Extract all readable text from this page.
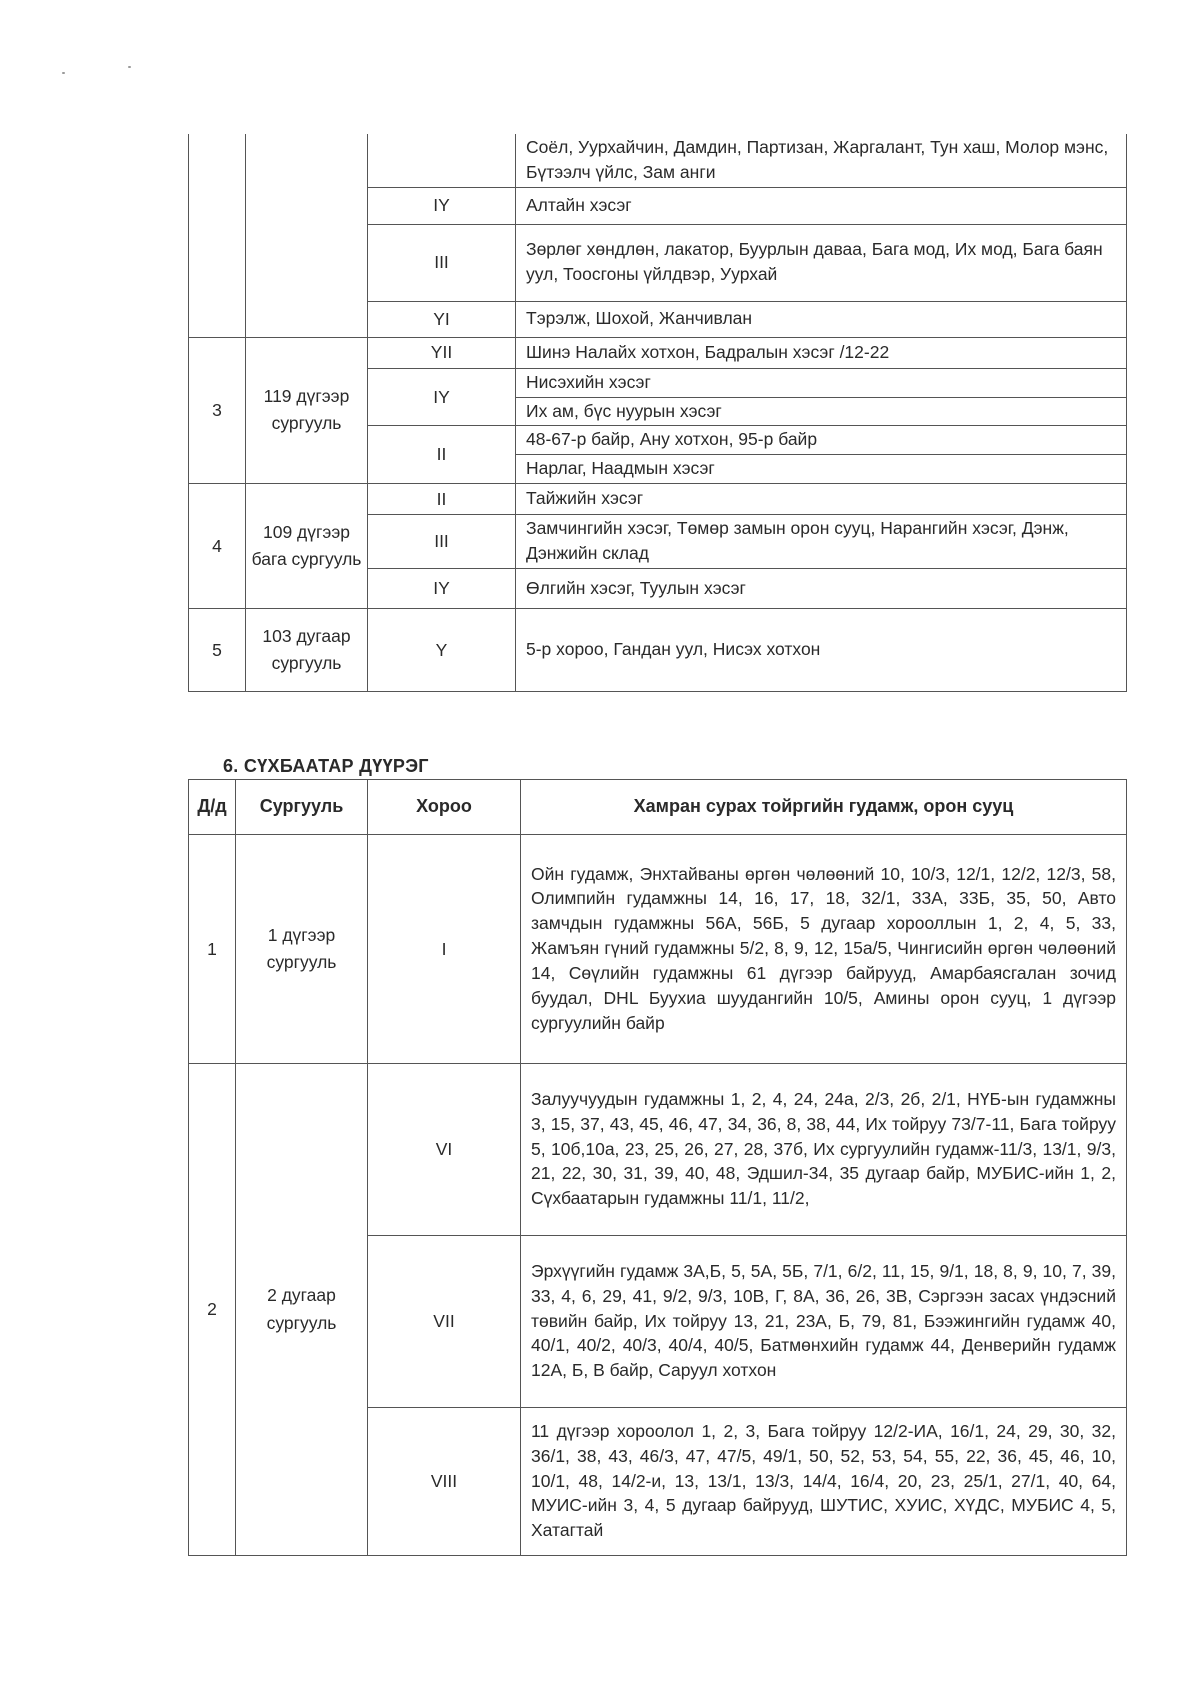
			Соёл, Уурхайчин, Дамдин, Партизан, Жаргалант, Тун хаш, Молор мэнс, Бүтээлч үйлс, Зам анги
		IY	Алтайн хэсэг
		III	Зөрлөг хөндлөн, лакатор, Буурлын даваа, Бага мод, Их мод, Бага баян уул, Тоосгоны үйлдвэр, Уурхай
		YI	Тэрэлж, Шохой, Жанчивлан
3	119 дүгээр сургууль	YII	Шинэ Налайх хотхон, Бадралын хэсэг /12-22
		IY	Нисэхийн хэсэг
			Их ам, бүс нуурын хэсэг
		II	48-67-р байр, Ану хотхон, 95-р байр
			Нарлаг, Наадмын хэсэг
4	109 дүгээр бага сургууль	II	Тайжийн хэсэг
		III	Замчингийн хэсэг, Төмөр замын орон сууц, Нарангийн хэсэг, Дэнж, Дэнжийн склад
		IY	Өлгийн хэсэг, Туулын хэсэг
5	103 дугаар сургууль	Y	5-р хороо, Гандан уул, Нисэх хотхон
6. СҮХБААТАР ДҮҮРЭГ
Д/д	Сургууль	Хороо	Хамран сурах тойргийн гудамж, орон сууц
1	1 дүгээр сургууль	I	Ойн гудамж, Энхтайваны өргөн чөлөөний 10, 10/3, 12/1, 12/2, 12/3, 58, Олимпийн гудамжны 14, 16, 17, 18, 32/1, 33А, 33Б, 35, 50, Авто замчдын гудамжны 56А, 56Б, 5 дугаар хорооллын 1, 2, 4, 5, 33, Жамъян гүний гудамжны 5/2, 8, 9, 12, 15а/5, Чингисийн өргөн чөлөөний 14, Сөүлийн гудамжны 61 дүгээр байрууд, Амарбаясгалан зочид буудал, DHL Буухиа шуудангийн 10/5, Амины орон сууц, 1 дүгээр сургуулийн байр
2	2 дугаар сургууль	VI	Залуучуудын гудамжны 1, 2, 4, 24, 24а, 2/3, 2б, 2/1, НҮБ-ын гудамжны 3, 15, 37, 43, 45, 46, 47, 34, 36, 8, 38, 44, Их тойруу 73/7-11, Бага тойруу 5, 10б,10а, 23, 25, 26, 27, 28, 37б, Их сургуулийн гудамж-11/3, 13/1, 9/3, 21, 22, 30, 31, 39, 40, 48, Эдшил-34, 35 дугаар байр, МУБИС-ийн 1, 2, Сүхбаатарын гудамжны 11/1, 11/2,
		VII	Эрхүүгийн гудамж 3А,Б, 5, 5А, 5Б, 7/1, 6/2, 11, 15, 9/1, 18, 8, 9, 10, 7, 39, 33, 4, 6, 29, 41, 9/2, 9/3, 10В, Г, 8А, 36, 26, 3В, Сэргээн засах үндэсний төвийн байр, Их тойруу 13, 21, 23А, Б, 79, 81, Бээжингийн гудамж 40, 40/1, 40/2, 40/3, 40/4, 40/5, Батмөнхийн гудамж 44, Денверийн гудамж 12А, Б, В байр, Саруул хотхон
		VIII	11 дүгээр хороолол 1, 2, 3, Бага тойруу 12/2-ИА, 16/1, 24, 29, 30, 32, 36/1, 38, 43, 46/3, 47, 47/5, 49/1, 50, 52, 53, 54, 55, 22, 36, 45, 46, 10, 10/1, 48, 14/2-и, 13, 13/1, 13/3, 14/4, 16/4, 20, 23, 25/1, 27/1, 40, 64, МУИС-ийн 3, 4, 5 дугаар байрууд, ШУТИС, ХУИС, ХҮДС, МУБИС 4, 5, Хатагтай
